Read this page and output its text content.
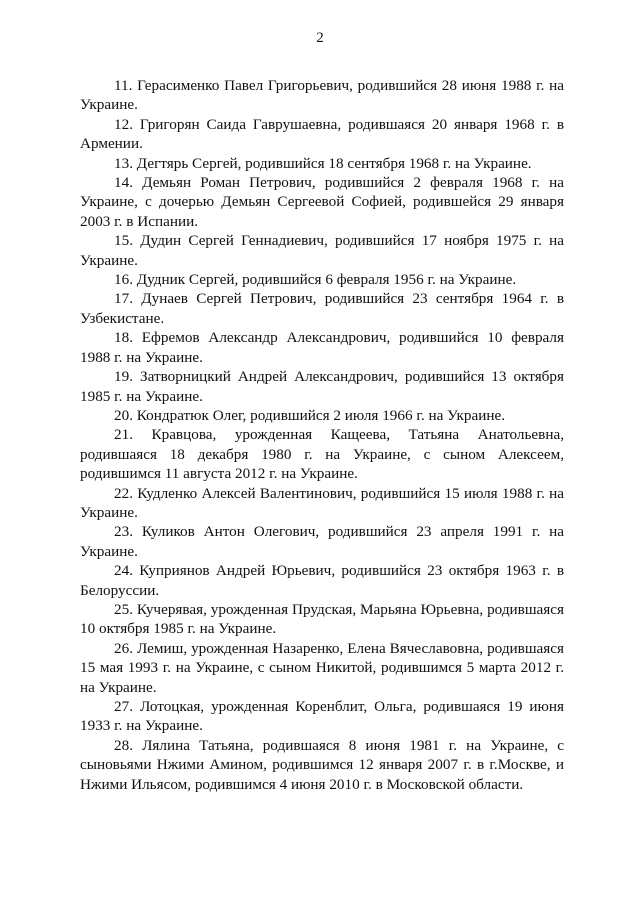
2

11. Герасименко Павел Григорьевич, родившийся 28 июня 1988 г. на Украине.

12. Григорян Саида Гаврушаевна, родившаяся 20 января 1968 г. в Армении.

13. Дегтярь Сергей, родившийся 18 сентября 1968 г. на Украине.

14. Демьян Роман Петрович, родившийся 2 февраля 1968 г. на Украине, с дочерью Демьян Сергеевой Софией, родившейся 29 января 2003 г. в Испании.

15. Дудин Сергей Геннадиевич, родившийся 17 ноября 1975 г. на Украине.

16. Дудник Сергей, родившийся 6 февраля 1956 г. на Украине.

17. Дунаев Сергей Петрович, родившийся 23 сентября 1964 г. в Узбекистане.

18. Ефремов Александр Александрович, родившийся 10 февраля 1988 г. на Украине.

19. Затворницкий Андрей Александрович, родившийся 13 октября 1985 г. на Украине.

20. Кондратюк Олег, родившийся 2 июля 1966 г. на Украине.

21. Кравцова, урожденная Кащеева, Татьяна Анатольевна, родившаяся 18 декабря 1980 г. на Украине, с сыном Алексеем, родившимся 11 августа 2012 г. на Украине.

22. Кудленко Алексей Валентинович, родившийся 15 июля 1988 г. на Украине.

23. Куликов Антон Олегович, родившийся 23 апреля 1991 г. на Украине.

24. Куприянов Андрей Юрьевич, родившийся 23 октября 1963 г. в Белоруссии.

25. Кучерявая, урожденная Прудская, Марьяна Юрьевна, родившаяся 10 октября 1985 г. на Украине.

26. Лемиш, урожденная Назаренко, Елена Вячеславовна, родившаяся 15 мая 1993 г. на Украине, с сыном Никитой, родившимся 5 марта 2012 г. на Украине.

27. Лотоцкая, урожденная Коренблит, Ольга, родившаяся 19 июня 1933 г. на Украине.

28. Лялина Татьяна, родившаяся 8 июня 1981 г. на Украине, с сыновьями Нжими Амином, родившимся 12 января 2007 г. в г.Москве, и Нжими Ильясом, родившимся 4 июня 2010 г. в Московской области.
